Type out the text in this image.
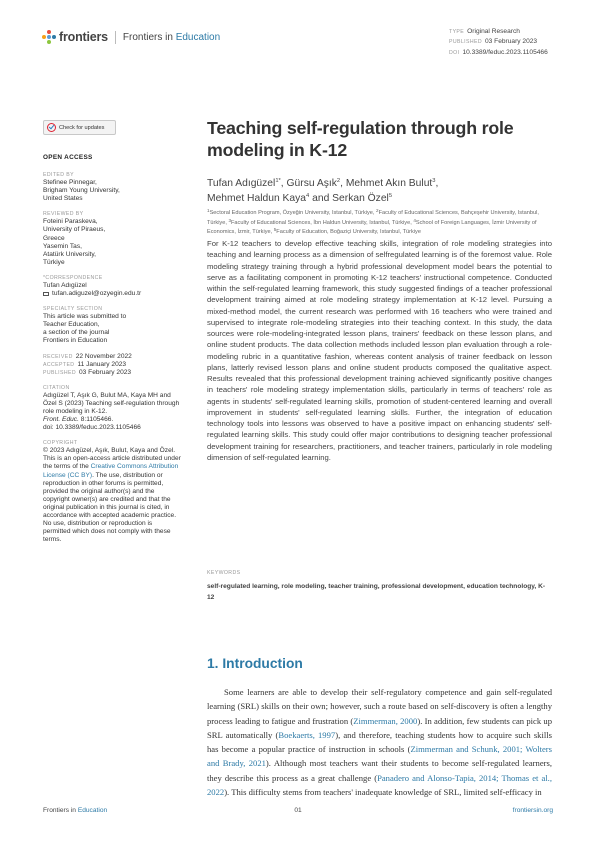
frontiers Frontiers in Education	TYPE Original Research
PUBLISHED 03 February 2023
DOI 10.3389/feduc.2023.1105466
Check for updates
OPEN ACCESS
EDITED BY
Stefinee Pinnegar,
Brigham Young University,
United States
REVIEWED BY
Foteini Paraskeva,
University of Piraeus,
Greece
Yasemin Tas,
Atatürk University,
Türkiye
*CORRESPONDENCE
Tufan Adıgüzel
tufan.adiguzel@ozyegin.edu.tr
SPECIALTY SECTION
This article was submitted to
Teacher Education,
a section of the journal
Frontiers in Education
RECEIVED 22 November 2022
ACCEPTED 11 January 2023
PUBLISHED 03 February 2023
CITATION
Adıgüzel T, Aşık G, Bulut MA, Kaya MH and
Özel S (2023) Teaching self-regulation through
role modeling in K-12.
Front. Educ. 8:1105466.
doi: 10.3389/feduc.2023.1105466
COPYRIGHT
© 2023 Adıgüzel, Aşık, Bulut, Kaya and Özel.
This is an open-access article distributed under
the terms of the Creative Commons Attribution
License (CC BY). The use, distribution or
reproduction in other forums is permitted,
provided the original author(s) and the
copyright owner(s) are credited and that the
original publication in this journal is cited, in
accordance with accepted academic practice.
No use, distribution or reproduction is
permitted which does not comply with these
terms.
Teaching self-regulation through role modeling in K-12
Tufan Adıgüzel$^{1*}$, Gürsu Aşık$^2$, Mehmet Akın Bulut$^3$,
Mehmet Haldun Kaya$^4$ and Serkan Özel$^5$
$^1$Sectoral Education Program, Özyeğin University, Istanbul, Türkiye, $^2$Faculty of Educational Sciences, Bahçeşehir University, Istanbul, Türkiye, $^3$Faculty of Educational Sciences, İbn Haldun University, Istanbul, Türkiye, $^4$School of Foreign Languages, İzmir University of Economics, İzmir, Türkiye, $^5$Faculty of Education, Boğaziçi University, Istanbul, Türkiye

For K-12 teachers to develop effective teaching skills, integration of role modeling strategies into teaching and learning process as a dimension of selfregulated learning is of the foremost value. Role modeling strategy training through a hybrid professional development model bears the potential to serve as a facilitating component in promoting K-12 teachers' instructional competence. Conducted within the self-regulated learning framework, this study suggested findings of a teacher professional development training aimed at role modeling strategy implementation at K-12 level. Pursuing a mixed-method model, the current research was performed with 16 teachers who were trained and supervised to integrate role-modeling strategies into their teaching context. In this study, the data sources were role-modeling-integrated lesson plans, trainers' feedback on these lesson plans, and online student products. The data collection methods included lesson plan evaluation through a role-modeling rubric in a quantitative fashion, whereas content analysis of trainer feedback on lesson plans, latterly revised lesson plans and online student products composed the qualitative aspect. Results revealed that this professional development training achieved significantly positive changes in teachers' role modeling strategy implementation skills, particularly in terms of teachers' role as agents in students' self-regulated learning skills, promotion of student-centered learning and overall improvement in students' self-regulated learning skills. Further, the integration of education technology tools into lessons was observed to have a positive impact on enhancing students' self-regulated learning skills. This study could offer major contributions to designing teacher professional development training for researchers, practitioners, and teacher trainers, particularly in role modeling dimension of self-regulated learning.

KEYWORDS
self-regulated learning, role modeling, teacher training, professional development, education technology, K-12
1. Introduction

Some learners are able to develop their self-regulatory competence and gain self-regulated learning (SRL) skills on their own; however, such a route based on self-discovery is often a lengthy process leading to fatigue and frustration (Zimmerman, 2000). In addition, few students can pick up SRL automatically (Boekaerts, 1997), and therefore, teaching students how to acquire such skills has become a popular practice of instruction in schools (Zimmerman and Schunk, 2001; Wolters and Brady, 2021). Although most teachers want their students to become self-regulated learners, they describe this process as a great challenge (Panadero and Alonso-Tapia, 2014; Thomas et al., 2022). This difficulty stems from teachers' inadequate knowledge of SRL, limited self-efficacy in

Frontiers in Education	01	frontiersin.org
